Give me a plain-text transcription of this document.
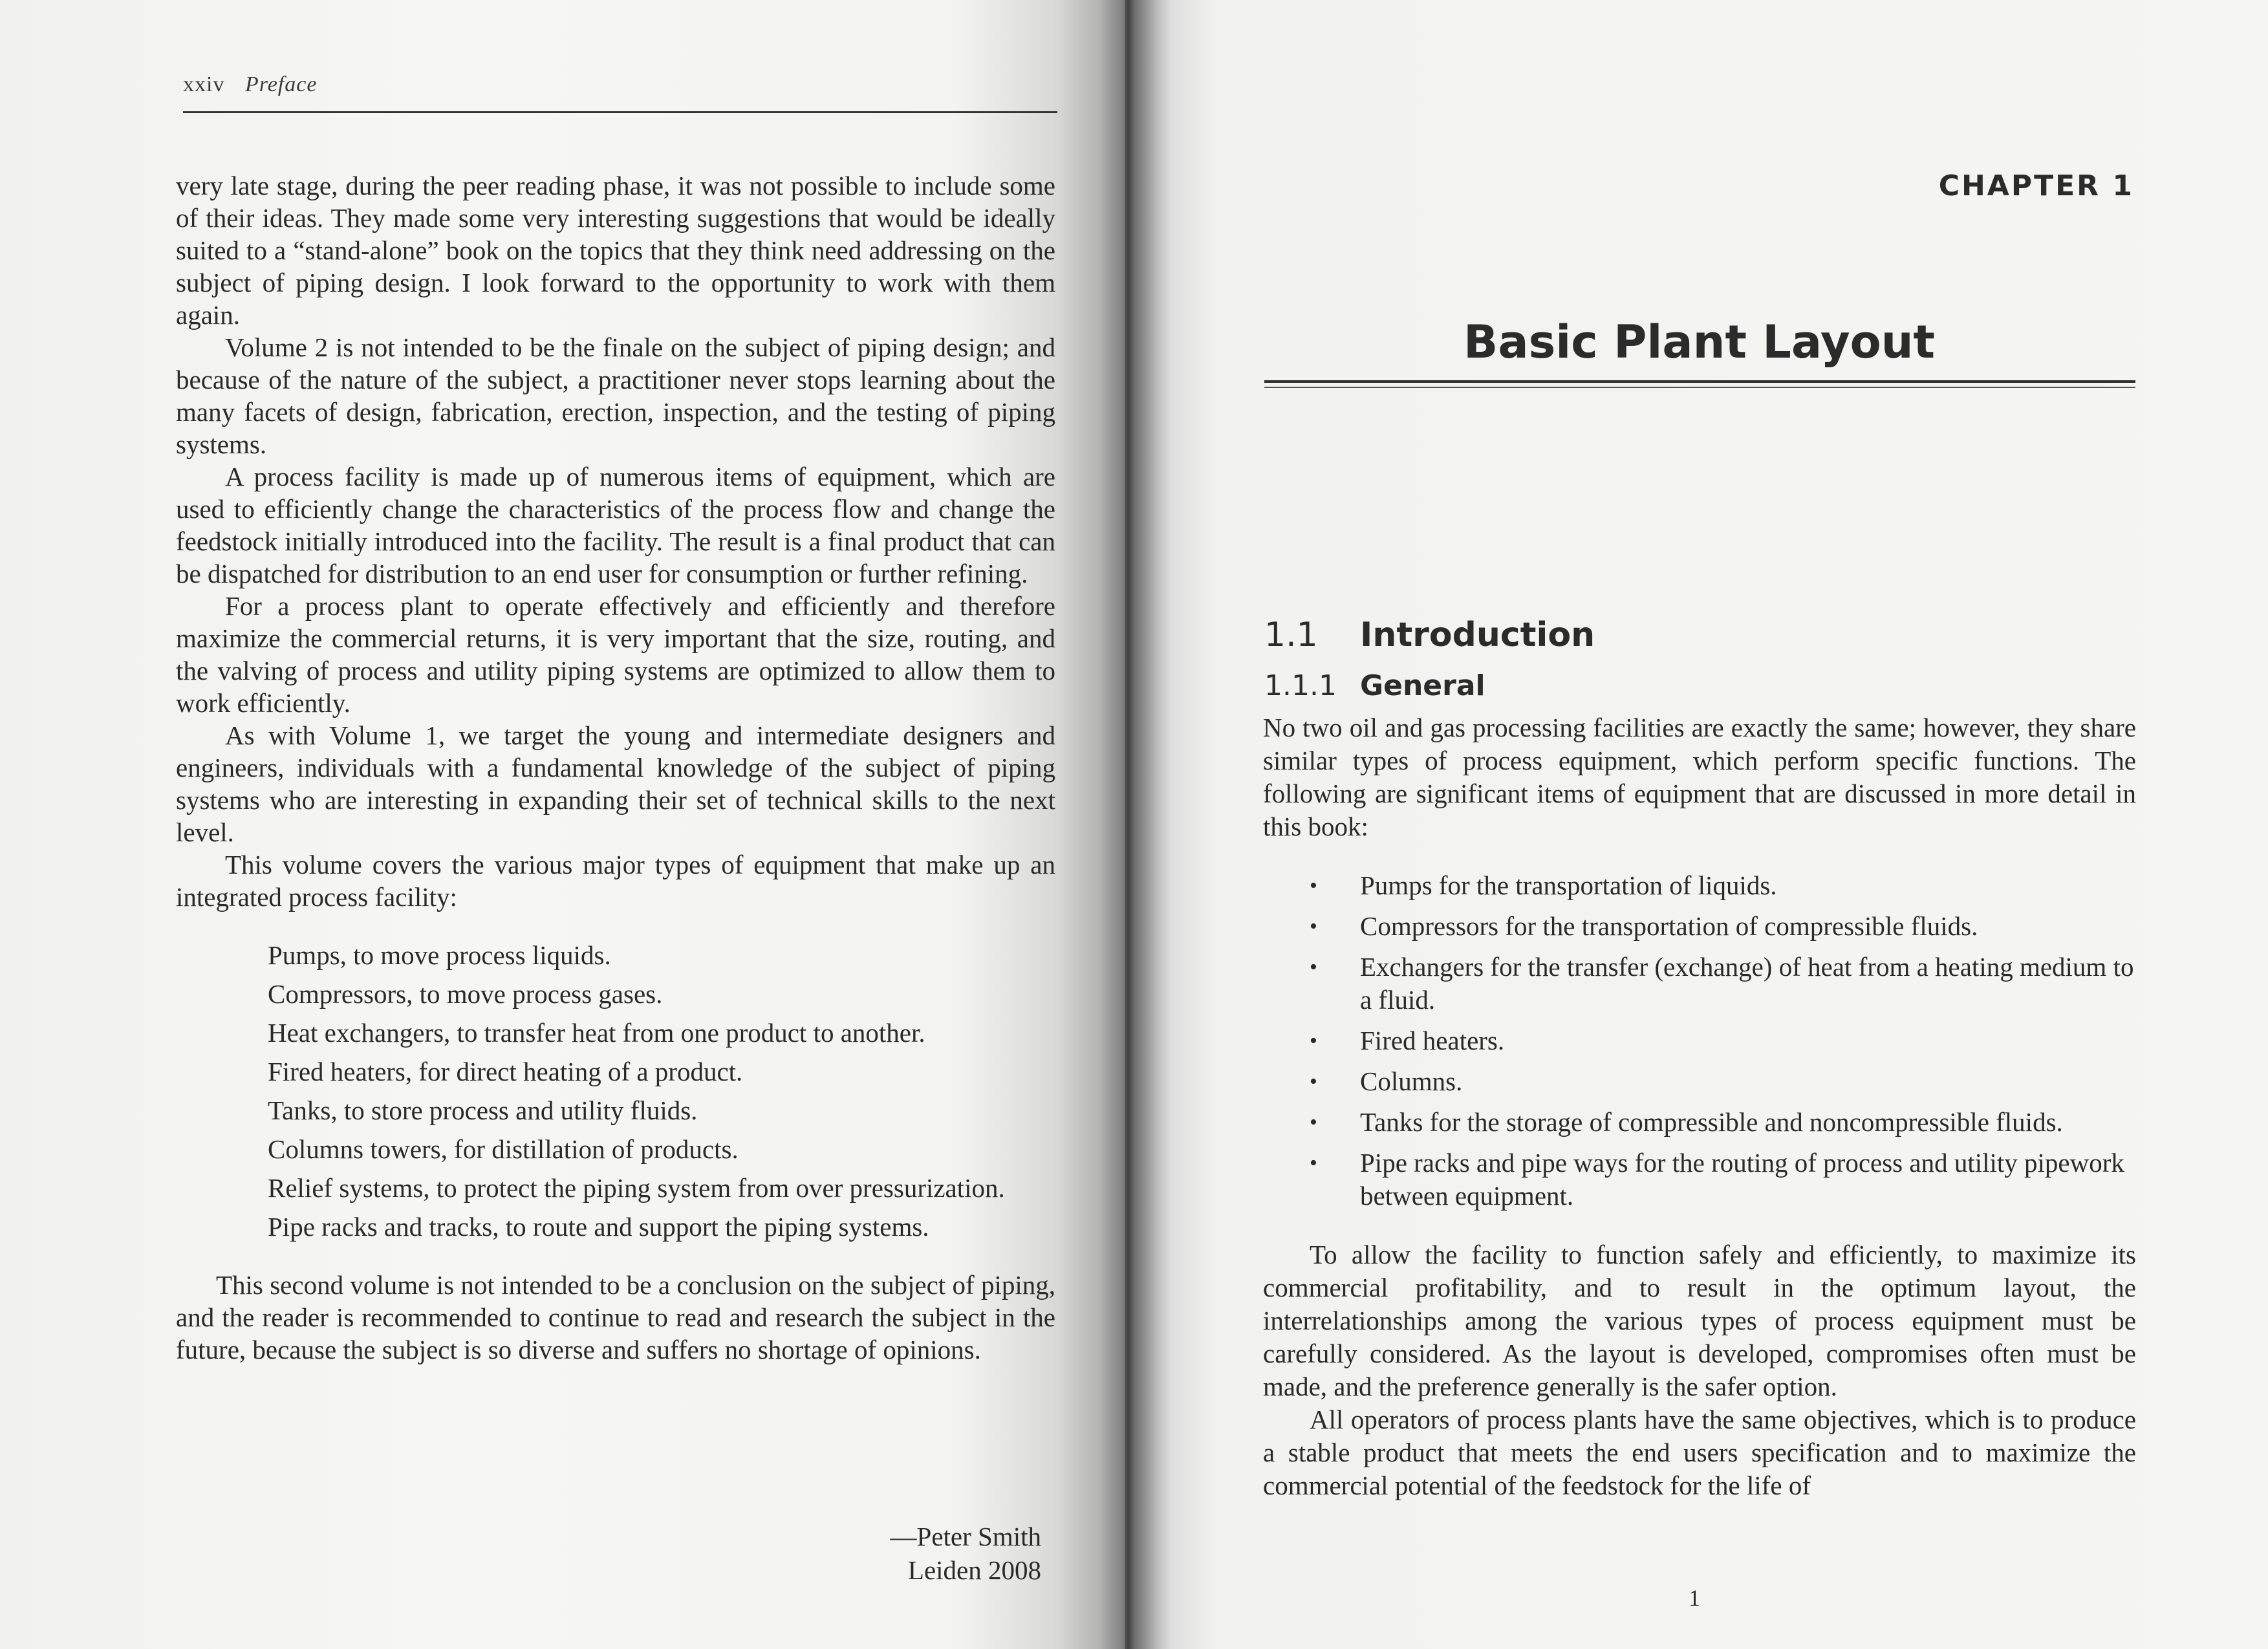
xxiv Preface

very late stage, during the peer reading phase, it was not possible to include some of their ideas. They made some very interesting suggestions that would be ideally suited to a “stand-alone” book on the topics that they think need addressing on the subject of piping design. I look forward to the opportunity to work with them again.

Volume 2 is not intended to be the finale on the subject of piping design; and because of the nature of the subject, a practitioner never stops learning about the many facets of design, fabrication, erection, inspection, and the testing of piping systems.

A process facility is made up of numerous items of equipment, which are used to efficiently change the characteristics of the process flow and change the feedstock initially introduced into the facility. The result is a final product that can be dispatched for distribution to an end user for consumption or further refining.

For a process plant to operate effectively and efficiently and therefore maximize the commercial returns, it is very important that the size, routing, and the valving of process and utility piping systems are optimized to allow them to work efficiently.

As with Volume 1, we target the young and intermediate designers and engineers, individuals with a fundamental knowledge of the subject of piping systems who are interesting in expanding their set of technical skills to the next level.

This volume covers the various major types of equipment that make up an integrated process facility:

Pumps, to move process liquids.
Compressors, to move process gases.
Heat exchangers, to transfer heat from one product to another.
Fired heaters, for direct heating of a product.
Tanks, to store process and utility fluids.
Columns towers, for distillation of products.
Relief systems, to protect the piping system from over pressurization.
Pipe racks and tracks, to route and support the piping systems.

This second volume is not intended to be a conclusion on the subject of piping, and the reader is recommended to continue to read and research the subject in the future, because the subject is so diverse and suffers no shortage of opinions.

—Peter Smith
Leiden 2008
CHAPTER 1
Basic Plant Layout
1.1 Introduction
1.1.1 General

No two oil and gas processing facilities are exactly the same; however, they share similar types of process equipment, which perform specific functions. The following are significant items of equipment that are discussed in more detail in this book:

• Pumps for the transportation of liquids.
• Compressors for the transportation of compressible fluids.
• Exchangers for the transfer (exchange) of heat from a heating medium to a fluid.
• Fired heaters.
• Columns.
• Tanks for the storage of compressible and noncompressible fluids.
• Pipe racks and pipe ways for the routing of process and utility pipework between equipment.

To allow the facility to function safely and efficiently, to maximize its commercial profitability, and to result in the optimum layout, the interrelationships among the various types of process equipment must be carefully considered. As the layout is developed, compromises often must be made, and the preference generally is the safer option.

All operators of process plants have the same objectives, which is to produce a stable product that meets the end users specification and to maximize the commercial potential of the feedstock for the life of

1
